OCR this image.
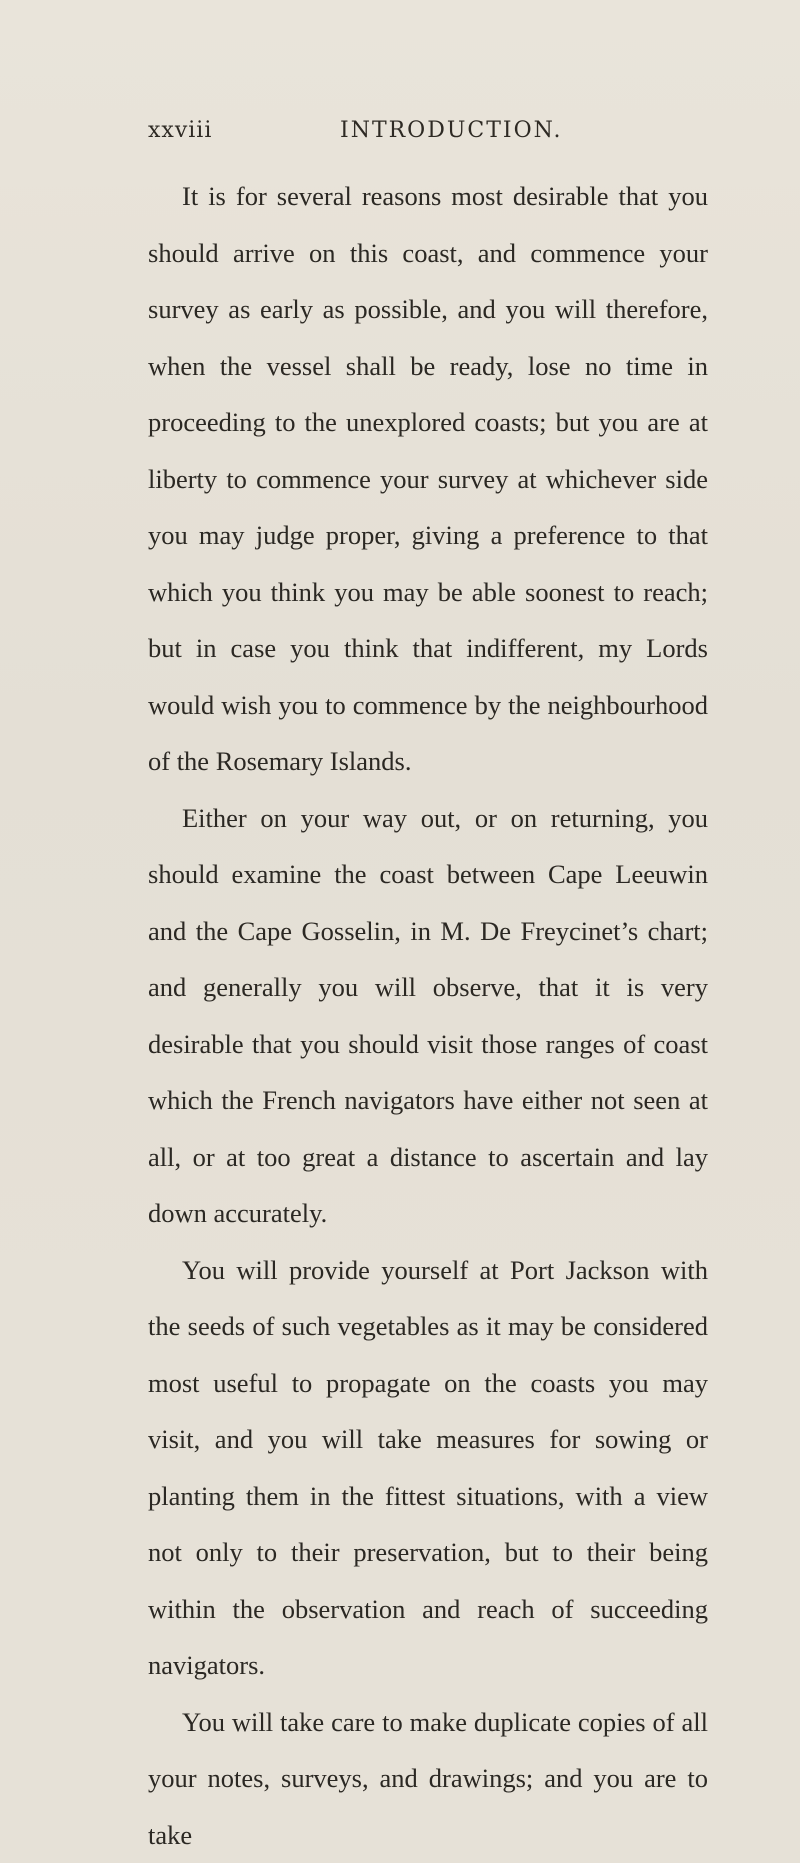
xxviii	INTRODUCTION.

It is for several reasons most desirable that you should arrive on this coast, and commence your survey as early as possible, and you will therefore, when the vessel shall be ready, lose no time in proceeding to the unexplored coasts; but you are at liberty to commence your survey at whichever side you may judge proper, giving a preference to that which you think you may be able soonest to reach; but in case you think that indifferent, my Lords would wish you to commence by the neighbourhood of the Rosemary Islands.

Either on your way out, or on returning, you should examine the coast between Cape Leeuwin and the Cape Gosselin, in M. De Freycinet’s chart; and generally you will observe, that it is very desirable that you should visit those ranges of coast which the French navigators have either not seen at all, or at too great a distance to ascertain and lay down accurately.

You will provide yourself at Port Jackson with the seeds of such vegetables as it may be considered most useful to propagate on the coasts you may visit, and you will take measures for sowing or planting them in the fittest situations, with a view not only to their preservation, but to their being within the observation and reach of succeeding navigators.

You will take care to make duplicate copies of all your notes, surveys, and drawings; and you are to take
